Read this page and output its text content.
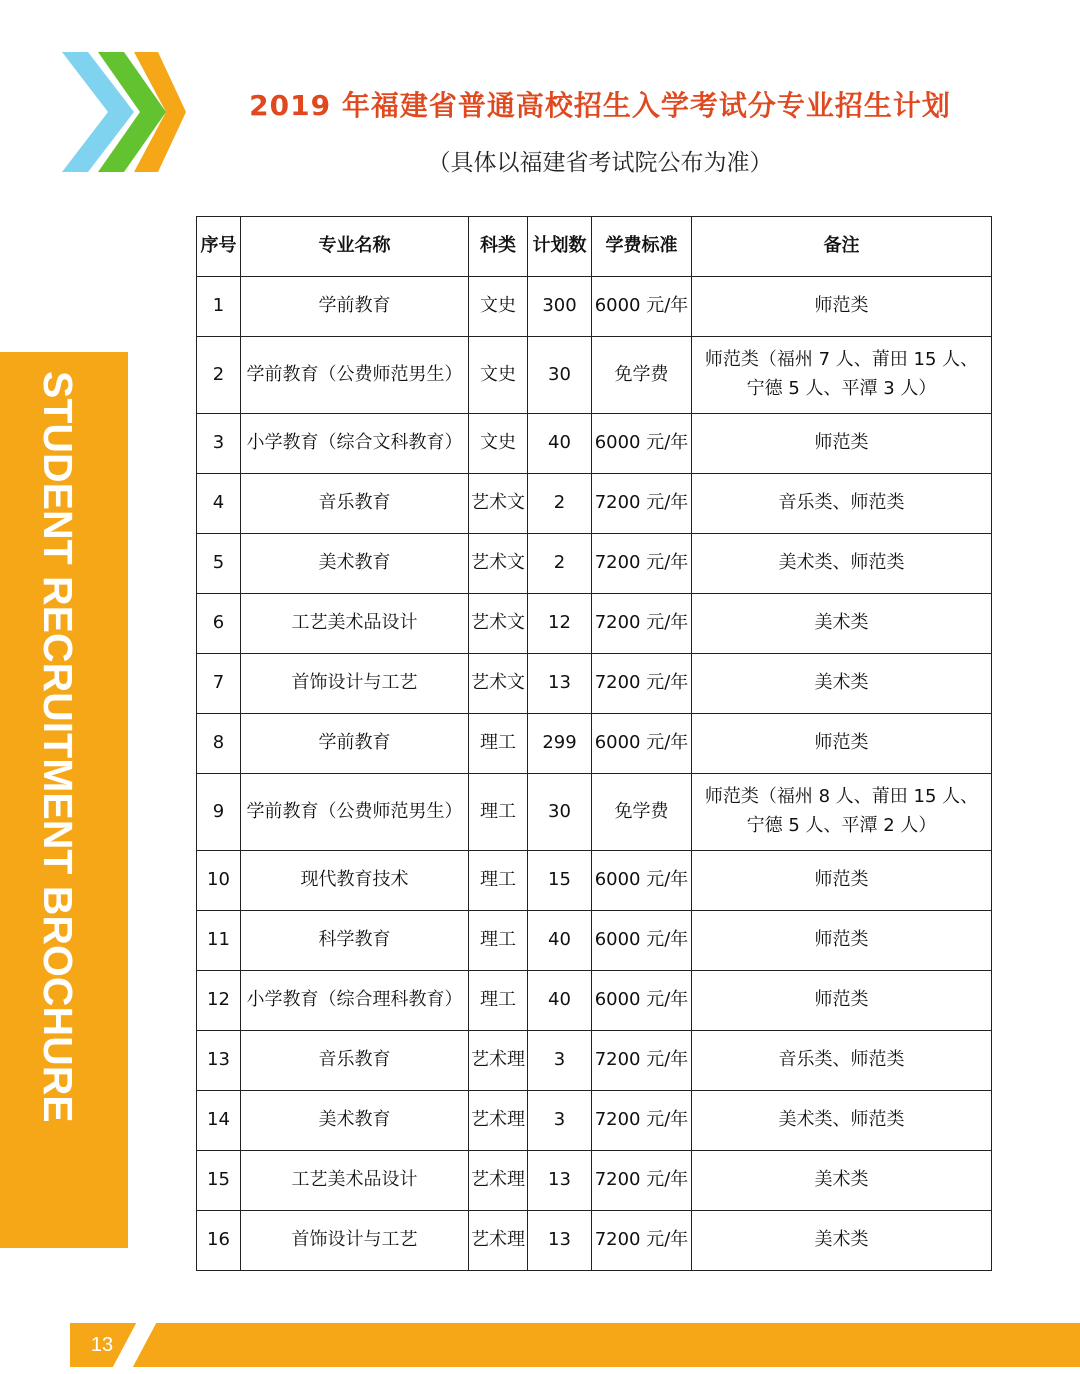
2019 年福建省普通高校招生入学考试分专业招生计划
（具体以福建省考试院公布为准）
STUDENT RECRUITMENT BROCHURE
序号	专业名称	科类	计划数	学费标准	备注
1	学前教育	文史	300	6000 元/年	师范类
2	学前教育（公费师范男生）	文史	30	免学费	师范类（福州 7 人、莆田 15 人、宁德 5 人、平潭 3 人）
3	小学教育（综合文科教育）	文史	40	6000 元/年	师范类
4	音乐教育	艺术文	2	7200 元/年	音乐类、师范类
5	美术教育	艺术文	2	7200 元/年	美术类、师范类
6	工艺美术品设计	艺术文	12	7200 元/年	美术类
7	首饰设计与工艺	艺术文	13	7200 元/年	美术类
8	学前教育	理工	299	6000 元/年	师范类
9	学前教育（公费师范男生）	理工	30	免学费	师范类（福州 8 人、莆田 15 人、宁德 5 人、平潭 2 人）
10	现代教育技术	理工	15	6000 元/年	师范类
11	科学教育	理工	40	6000 元/年	师范类
12	小学教育（综合理科教育）	理工	40	6000 元/年	师范类
13	音乐教育	艺术理	3	7200 元/年	音乐类、师范类
14	美术教育	艺术理	3	7200 元/年	美术类、师范类
15	工艺美术品设计	艺术理	13	7200 元/年	美术类
16	首饰设计与工艺	艺术理	13	7200 元/年	美术类
13
